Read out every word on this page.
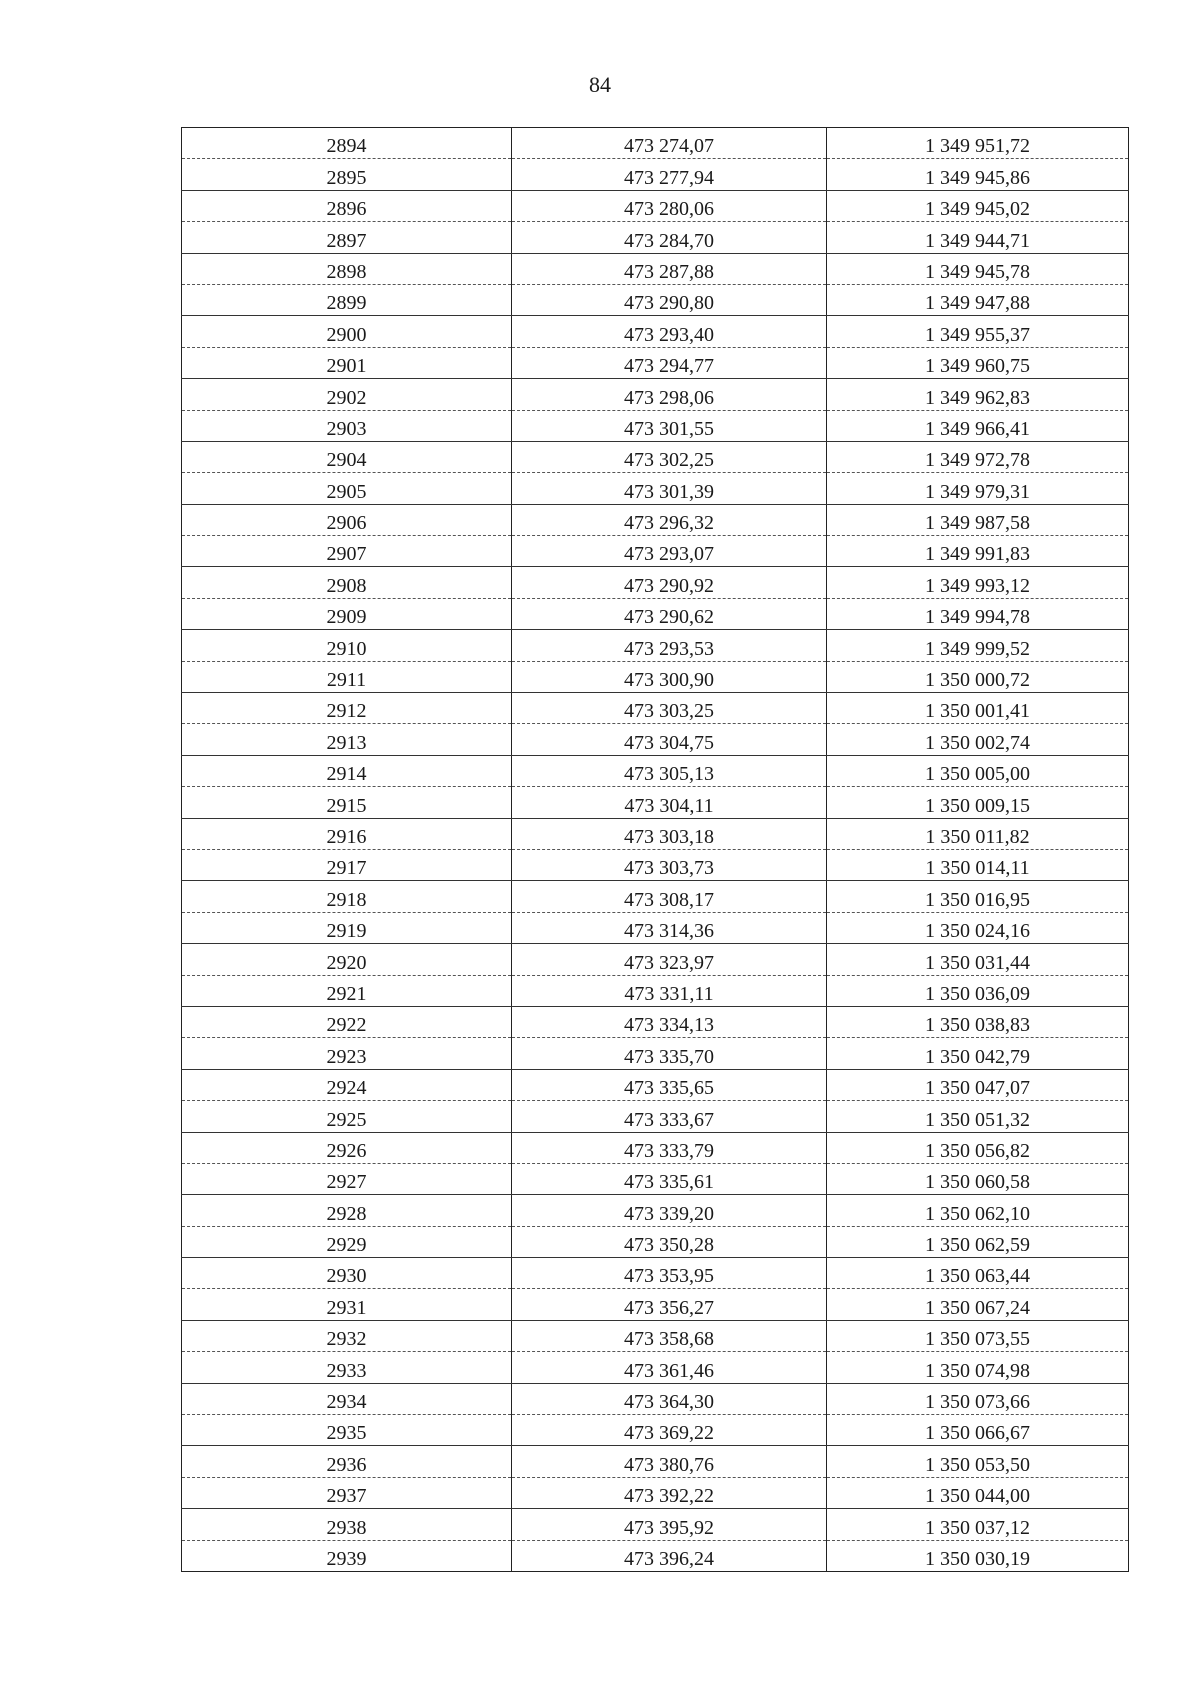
84
2894	473 274,07	1 349 951,72
2895	473 277,94	1 349 945,86
2896	473 280,06	1 349 945,02
2897	473 284,70	1 349 944,71
2898	473 287,88	1 349 945,78
2899	473 290,80	1 349 947,88
2900	473 293,40	1 349 955,37
2901	473 294,77	1 349 960,75
2902	473 298,06	1 349 962,83
2903	473 301,55	1 349 966,41
2904	473 302,25	1 349 972,78
2905	473 301,39	1 349 979,31
2906	473 296,32	1 349 987,58
2907	473 293,07	1 349 991,83
2908	473 290,92	1 349 993,12
2909	473 290,62	1 349 994,78
2910	473 293,53	1 349 999,52
2911	473 300,90	1 350 000,72
2912	473 303,25	1 350 001,41
2913	473 304,75	1 350 002,74
2914	473 305,13	1 350 005,00
2915	473 304,11	1 350 009,15
2916	473 303,18	1 350 011,82
2917	473 303,73	1 350 014,11
2918	473 308,17	1 350 016,95
2919	473 314,36	1 350 024,16
2920	473 323,97	1 350 031,44
2921	473 331,11	1 350 036,09
2922	473 334,13	1 350 038,83
2923	473 335,70	1 350 042,79
2924	473 335,65	1 350 047,07
2925	473 333,67	1 350 051,32
2926	473 333,79	1 350 056,82
2927	473 335,61	1 350 060,58
2928	473 339,20	1 350 062,10
2929	473 350,28	1 350 062,59
2930	473 353,95	1 350 063,44
2931	473 356,27	1 350 067,24
2932	473 358,68	1 350 073,55
2933	473 361,46	1 350 074,98
2934	473 364,30	1 350 073,66
2935	473 369,22	1 350 066,67
2936	473 380,76	1 350 053,50
2937	473 392,22	1 350 044,00
2938	473 395,92	1 350 037,12
2939	473 396,24	1 350 030,19
